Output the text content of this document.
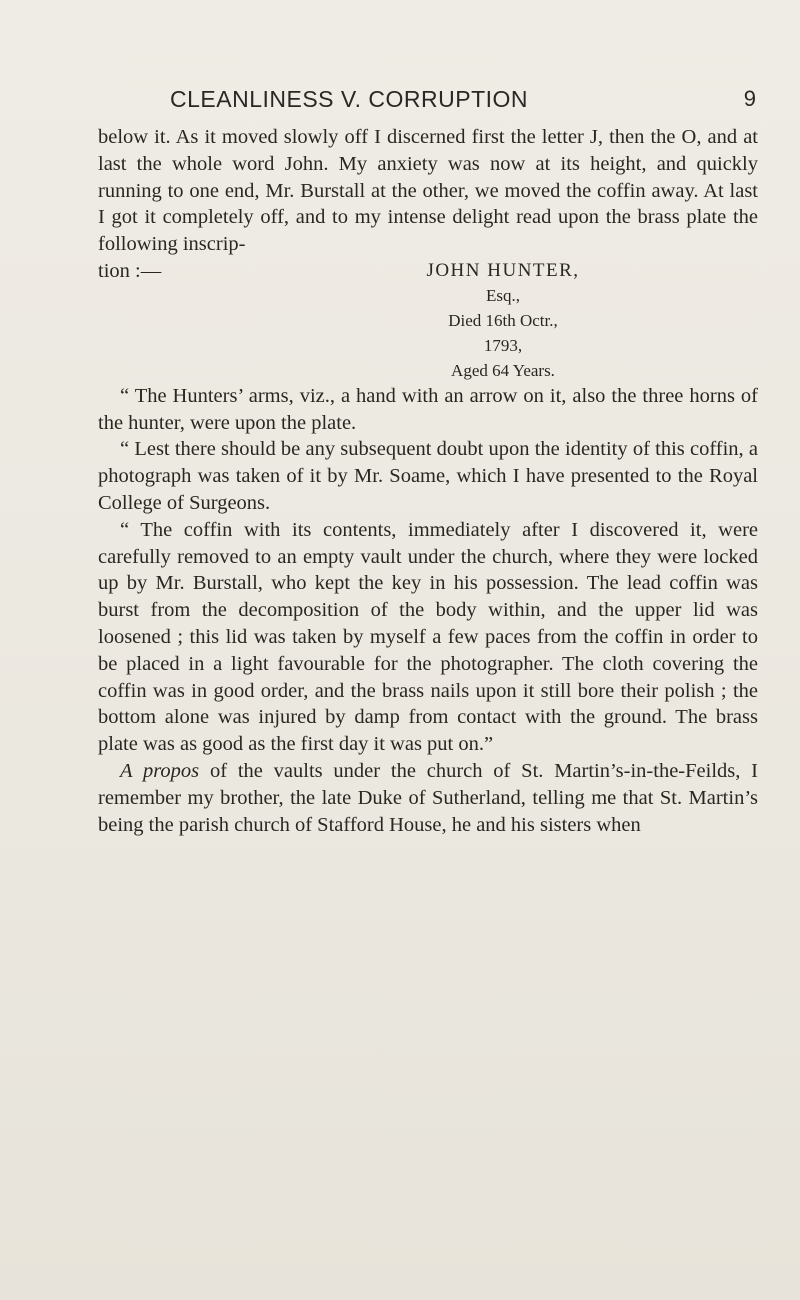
CLEANLINESS V. CORRUPTION	9

below it. As it moved slowly off I discerned first the letter J, then the O, and at last the whole word John. My anxiety was now at its height, and quickly running to one end, Mr. Burstall at the other, we moved the coffin away. At last I got it completely off, and to my intense delight read upon the brass plate the following inscrip-

tion :—	JOHN HUNTER,
Esq.,
Died 16th Octr.,
1793,
Aged 64 Years.

“ The Hunters’ arms, viz., a hand with an arrow on it, also the three horns of the hunter, were upon the plate.

“ Lest there should be any subsequent doubt upon the identity of this coffin, a photograph was taken of it by Mr. Soame, which I have presented to the Royal College of Surgeons.

“ The coffin with its contents, immediately after I discovered it, were carefully removed to an empty vault under the church, where they were locked up by Mr. Burstall, who kept the key in his possession. The lead coffin was burst from the decomposition of the body within, and the upper lid was loosened ; this lid was taken by myself a few paces from the coffin in order to be placed in a light favourable for the photographer. The cloth covering the coffin was in good order, and the brass nails upon it still bore their polish ; the bottom alone was injured by damp from contact with the ground. The brass plate was as good as the first day it was put on.”

A propos of the vaults under the church of St. Martin’s-in-the-Feilds, I remember my brother, the late Duke of Sutherland, telling me that St. Martin’s being the parish church of Stafford House, he and his sisters when
